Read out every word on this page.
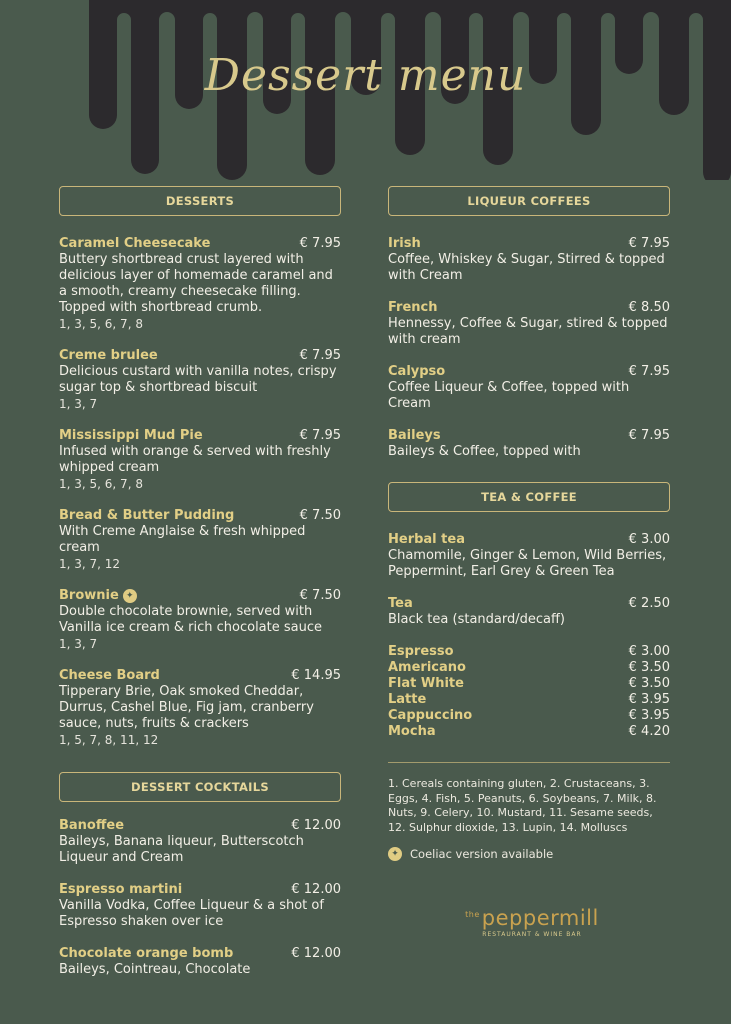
Dessert menu
DESSERTS
Caramel Cheesecake	€ 7.95
Buttery shortbread crust layered with delicious layer of homemade caramel and a smooth, creamy cheesecake filling. Topped with shortbread crumb.
1, 3, 5, 6, 7, 8
Creme brulee	€ 7.95
Delicious custard with vanilla notes, crispy sugar top & shortbread biscuit
1, 3, 7
Mississippi Mud Pie	€ 7.95
Infused with orange & served with freshly whipped cream
1, 3, 5, 6, 7, 8
Bread & Butter Pudding	€ 7.50
With Creme Anglaise & fresh whipped cream
1, 3, 7, 12
Brownie ✦	€ 7.50
Double chocolate brownie, served with Vanilla ice cream & rich chocolate sauce
1, 3, 7
Cheese Board	€ 14.95
Tipperary Brie, Oak smoked Cheddar, Durrus, Cashel Blue, Fig jam, cranberry sauce, nuts, fruits & crackers
1, 5, 7, 8, 11, 12
DESSERT COCKTAILS
Banoffee	€ 12.00
Baileys, Banana liqueur, Butterscotch Liqueur and Cream
Espresso martini	€ 12.00
Vanilla Vodka, Coffee Liqueur & a shot of Espresso shaken over ice
Chocolate orange bomb	€ 12.00
Baileys, Cointreau, Chocolate
LIQUEUR COFFEES
Irish	€ 7.95
Coffee, Whiskey & Sugar, Stirred & topped with Cream
French	€ 8.50
Hennessy, Coffee & Sugar, stired & topped with cream
Calypso	€ 7.95
Coffee Liqueur & Coffee, topped with Cream
Baileys	€ 7.95
Baileys & Coffee, topped with
TEA & COFFEE
Herbal tea	€ 3.00
Chamomile, Ginger & Lemon, Wild Berries, Peppermint, Earl Grey & Green Tea
Tea	€ 2.50
Black tea (standard/decaff)
Espresso	€ 3.00
Americano	€ 3.50
Flat White	€ 3.50
Latte	€ 3.95
Cappuccino	€ 3.95
Mocha	€ 4.20
1. Cereals containing gluten, 2. Crustaceans, 3. Eggs, 4. Fish, 5. Peanuts, 6. Soybeans, 7. Milk, 8. Nuts, 9. Celery, 10. Mustard, 11. Sesame seeds, 12. Sulphur dioxide, 13. Lupin, 14. Molluscs
✦ Coeliac version available
$^{the}$peppermill
RESTAURANT & WINE BAR
